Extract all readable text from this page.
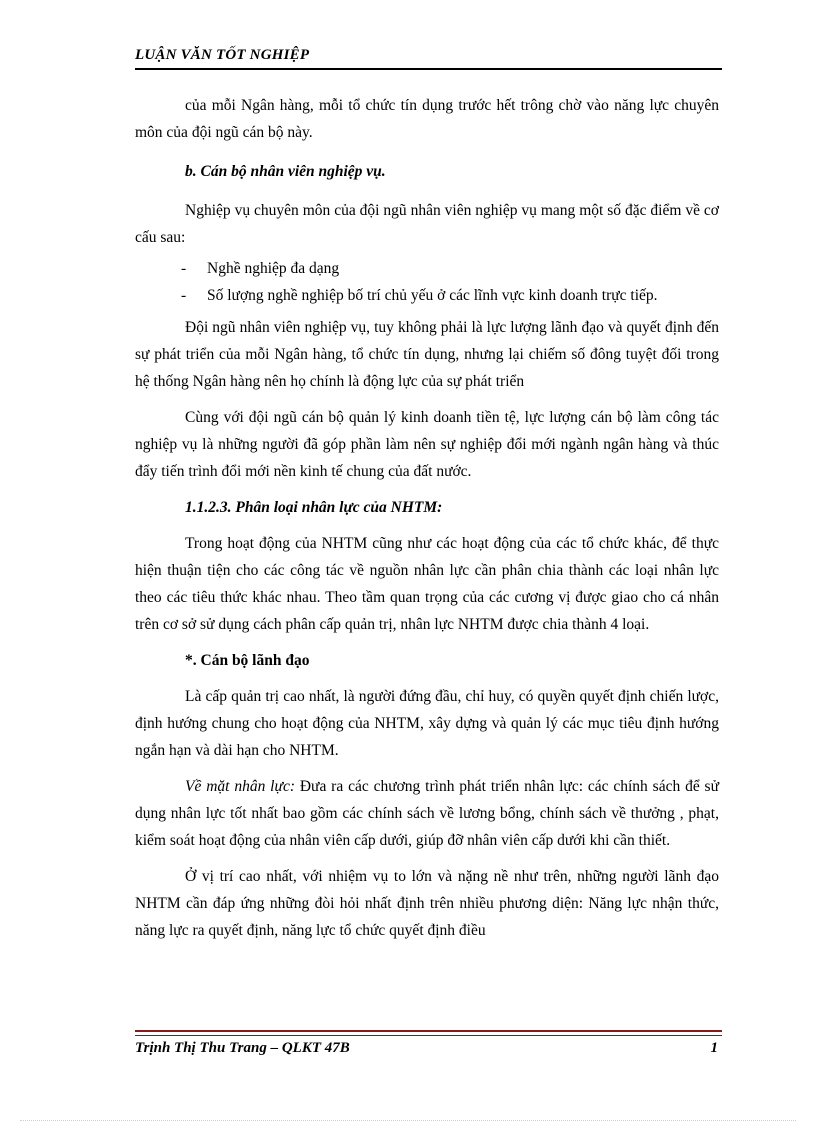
LUẬN VĂN TỐT NGHIỆP

của mỗi Ngân hàng, mỗi tổ chức tín dụng trước hết trông chờ vào năng lực chuyên môn của đội ngũ cán bộ này.

b. Cán bộ nhân viên nghiệp vụ.

Nghiệp vụ chuyên môn của đội ngũ nhân viên nghiệp vụ mang một số đặc điểm về cơ cấu sau:

- Nghề nghiệp đa dạng
- Số lượng nghề nghiệp bố trí chủ yếu ở các lĩnh vực kinh doanh trực tiếp.

Đội ngũ nhân viên nghiệp vụ, tuy không phải là lực lượng lãnh đạo và quyết định đến sự phát triển của mỗi Ngân hàng, tổ chức tín dụng, nhưng lại chiếm số đông tuyệt đối trong hệ thống Ngân hàng nên họ chính là động lực của sự phát triển

Cùng với đội ngũ cán bộ quản lý kinh doanh tiền tệ, lực lượng cán bộ làm công tác nghiệp vụ là những người đã góp phần làm nên sự nghiệp đổi mới ngành ngân hàng và thúc đẩy tiến trình đổi mới nền kinh tế chung của đất nước.

1.1.2.3. Phân loại nhân lực của NHTM:

Trong hoạt động của NHTM cũng như các hoạt động của các tổ chức khác, để thực hiện thuận tiện cho các công tác về nguồn nhân lực cần phân chia thành các loại nhân lực theo các tiêu thức khác nhau. Theo tầm quan trọng của các cương vị được giao cho cá nhân trên cơ sở sử dụng cách phân cấp quản trị, nhân lực NHTM được chia thành 4 loại.

*. Cán bộ lãnh đạo

Là cấp quản trị cao nhất, là người đứng đầu, chỉ huy, có quyền quyết định chiến lược, định hướng chung cho hoạt động của NHTM, xây dựng và quản lý các mục tiêu định hướng ngắn hạn và dài hạn cho NHTM.

Về mặt nhân lực: Đưa ra các chương trình phát triển nhân lực: các chính sách để sử dụng nhân lực tốt nhất bao gồm các chính sách về lương bổng, chính sách về thưởng , phạt, kiểm soát hoạt động của nhân viên cấp dưới, giúp đỡ nhân viên cấp dưới khi cần thiết.

Ở vị trí cao nhất, với nhiệm vụ to lớn và nặng nề như trên, những người lãnh đạo NHTM cần đáp ứng những đòi hỏi nhất định trên nhiều phương diện: Năng lực nhận thức, năng lực ra quyết định, năng lực tổ chức quyết định điều

Trịnh Thị Thu Trang – QLKT 47B	1
